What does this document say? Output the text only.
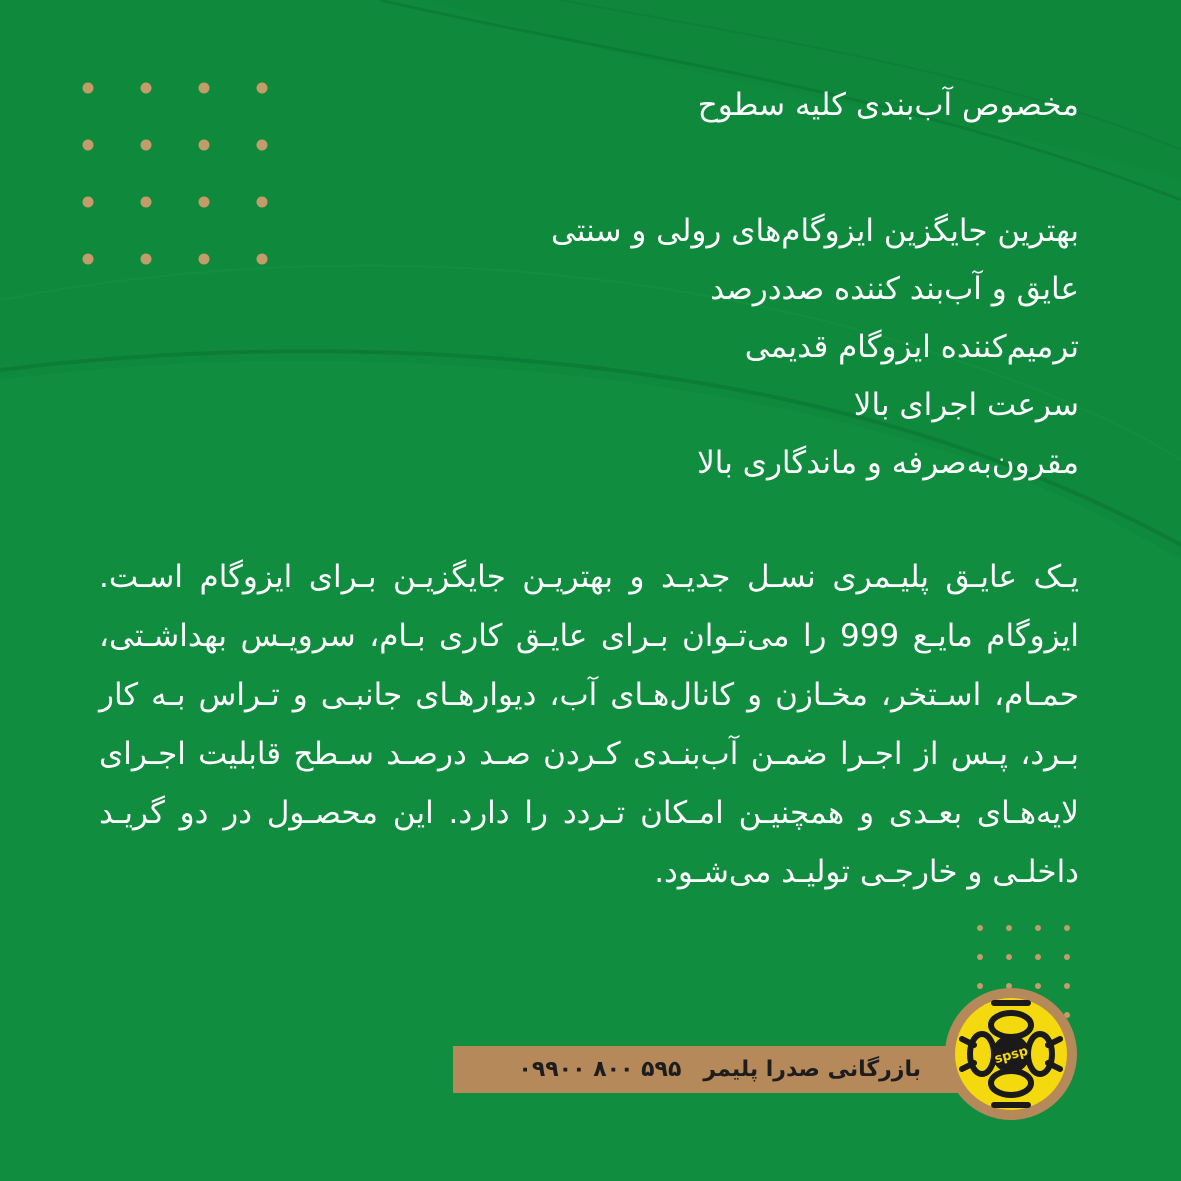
مخصوص آب‌بندی کلیه سطوح
بهترین جایگزین ایزوگام‌های رولی و سنتی
عایق و آب‌بند کننده صددرصد
ترمیم‌کننده ایزوگام قدیمی
سرعت اجرای بالا
مقرون‌به‌صرفه و ماندگاری بالا
یـک عایـق پلیـمری نسـل جدیـد و بهتریـن جایگزیـن بـرای ایزوگام اسـت. ایزوگام مایـع 999 را می‌تـوان بـرای عایـق کاری بـام، سرویـس بهداشـتی، حمـام، اسـتخر، مخـازن و کانال‌هـای آب، دیوارهـای جانبـی و تـراس بـه کار بـرد، پـس از اجـرا ضمـن آب‌بنـدی کـردن صـد درصـد سـطح قابلیت اجـرای لایه‌هـای بعـدی و همچنیـن امـکان تـردد را دارد. این محصـول در دو گریـد داخلـی و خارجـی تولیـد می‌شـود.
بازرگانی صدرا پلیمر
۰۹۹۰۰ ۸۰۰ ۵۹۵
spsp
